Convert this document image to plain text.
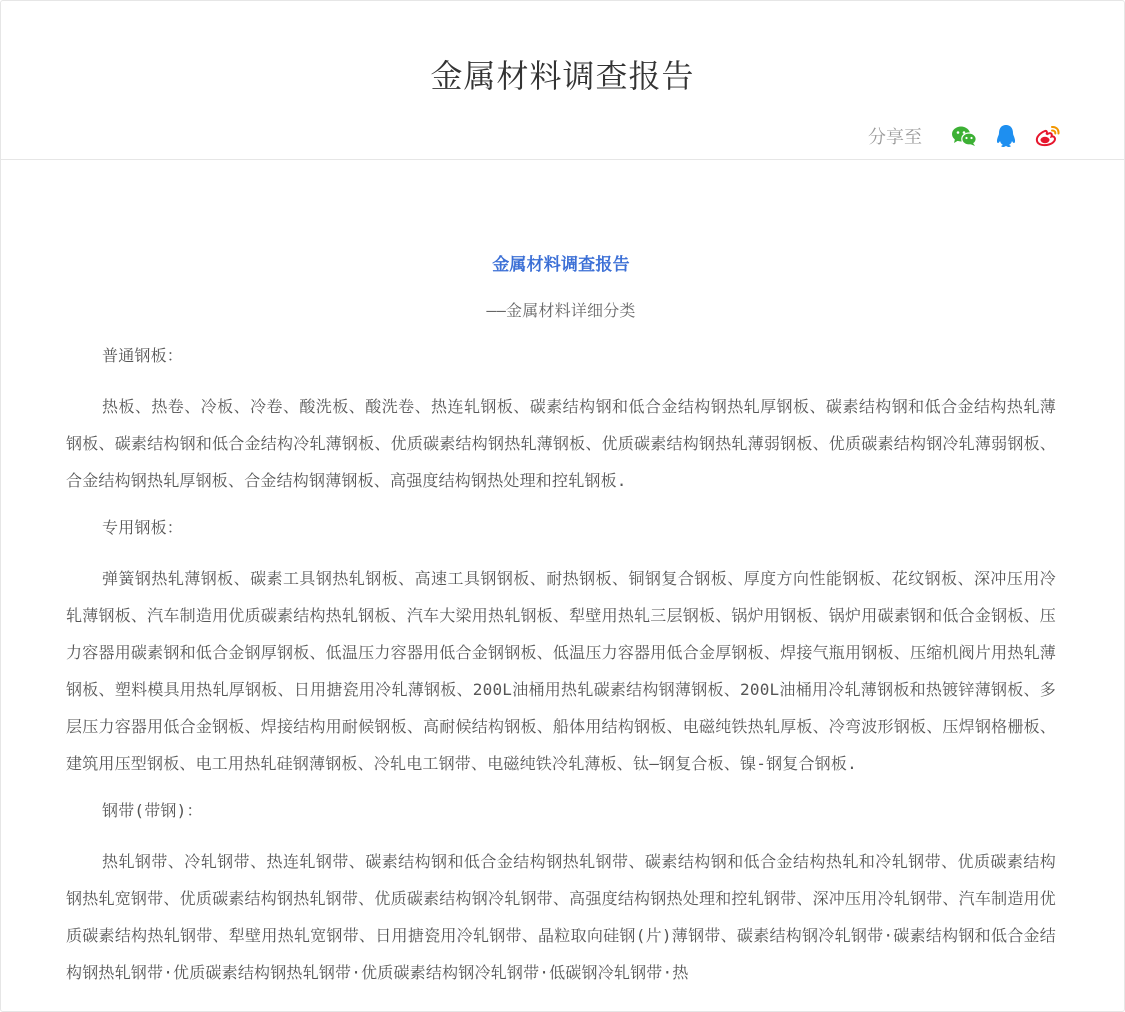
金属材料调查报告
分享至
金属材料调查报告

——金属材料详细分类

普通钢板：

热板、热卷、冷板、冷卷、酸洗板、酸洗卷、热连轧钢板、碳素结构钢和低合金结构钢热轧厚钢板、碳素结构钢和低合金结构热轧薄钢板、碳素结构钢和低合金结构冷轧薄钢板、优质碳素结构钢热轧薄钢板、优质碳素结构钢热轧薄弱钢板、优质碳素结构钢冷轧薄弱钢板、合金结构钢热轧厚钢板、合金结构钢薄钢板、高强度结构钢热处理和控轧钢板.

专用钢板：

弹簧钢热轧薄钢板、碳素工具钢热轧钢板、高速工具钢钢板、耐热钢板、铜钢复合钢板、厚度方向性能钢板、花纹钢板、深冲压用冷轧薄钢板、汽车制造用优质碳素结构热轧钢板、汽车大梁用热轧钢板、犁壁用热轧三层钢板、锅炉用钢板、锅炉用碳素钢和低合金钢板、压力容器用碳素钢和低合金钢厚钢板、低温压力容器用低合金钢钢板、低温压力容器用低合金厚钢板、焊接气瓶用钢板、压缩机阀片用热轧薄钢板、塑料模具用热轧厚钢板、日用搪瓷用冷轧薄钢板、200L油桶用热轧碳素结构钢薄钢板、200L油桶用冷轧薄钢板和热镀锌薄钢板、多层压力容器用低合金钢板、焊接结构用耐候钢板、高耐候结构钢板、船体用结构钢板、电磁纯铁热轧厚板、冷弯波形钢板、压焊钢格栅板、建筑用压型钢板、电工用热轧硅钢薄钢板、冷轧电工钢带、电磁纯铁冷轧薄板、钛—钢复合板、镍-钢复合钢板.

钢带(带钢)：

热轧钢带、冷轧钢带、热连轧钢带、碳素结构钢和低合金结构钢热轧钢带、碳素结构钢和低合金结构热轧和冷轧钢带、优质碳素结构钢热轧宽钢带、优质碳素结构钢热轧钢带、优质碳素结构钢冷轧钢带、高强度结构钢热处理和控轧钢带、深冲压用冷轧钢带、汽车制造用优质碳素结构热轧钢带、犁壁用热轧宽钢带、日用搪瓷用冷轧钢带、晶粒取向硅钢(片)薄钢带、碳素结构钢冷轧钢带·碳素结构钢和低合金结构钢热轧钢带·优质碳素结构钢热轧钢带·优质碳素结构钢冷轧钢带·低碳钢冷轧钢带·热
